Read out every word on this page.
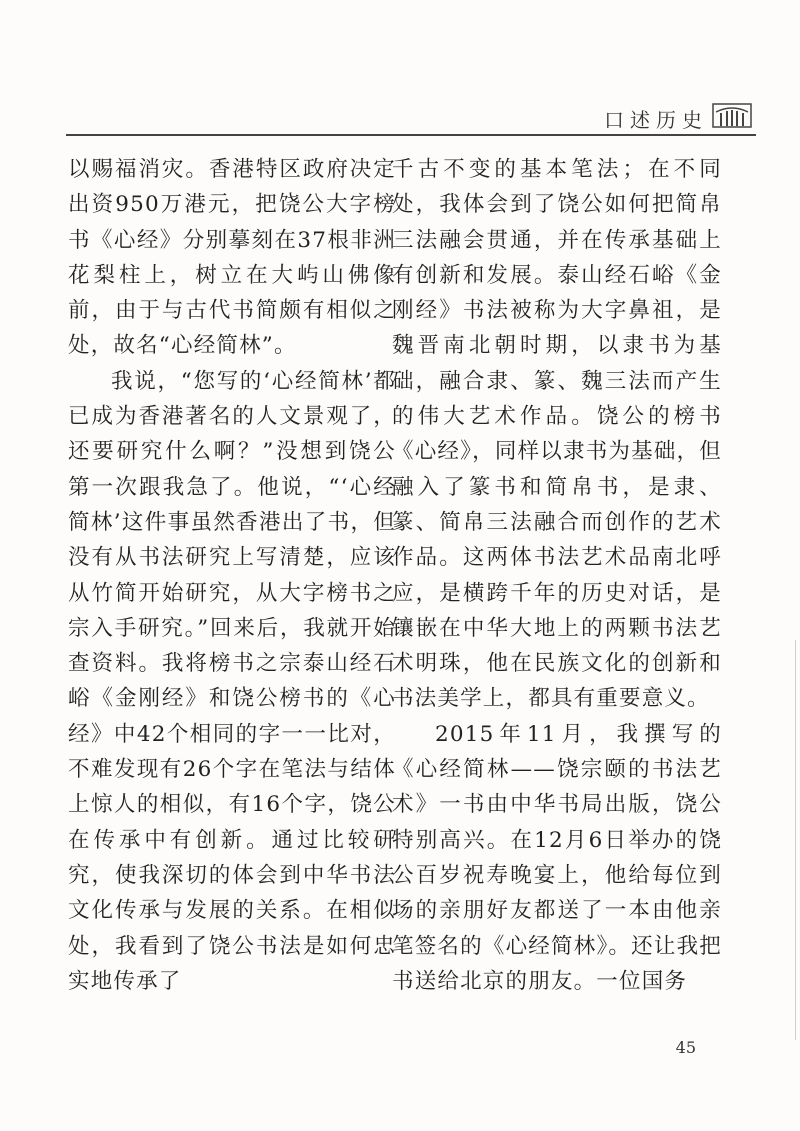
口述历史

以赐福消灾。香港特区政府决定出资950万港元，把饶公大字榜书《心经》分别摹刻在37根非洲花梨柱上，树立在大屿山佛像前，由于与古代书简颇有相似之处，故名“心经简林”。

我说，“您写的‘心经简林’都已成为香港著名的人文景观了，还要研究什么啊？”没想到饶公第一次跟我急了。他说，“‘心经简林’这件事虽然香港出了书，但没有从书法研究上写清楚，应该从竹简开始研究，从大字榜书之宗入手研究。”回来后，我就开始查资料。我将榜书之宗泰山经石峪《金刚经》和饶公榜书的《心经》中42个相同的字一一比对，不难发现有26个字在笔法与结体上惊人的相似，有16个字，饶公在传承中有创新。通过比较研究，使我深切的体会到中华书法文化传承与发展的关系。在相似处，我看到了饶公书法是如何忠实地传承了

千古不变的基本笔法；在不同处，我体会到了饶公如何把简帛三法融会贯通，并在传承基础上有创新和发展。泰山经石峪《金刚经》书法被称为大字鼻祖，是魏晋南北朝时期，以隶书为基础，融合隶、篆、魏三法而产生的伟大艺术作品。饶公的榜书《心经》，同样以隶书为基础，但融入了篆书和简帛书，是隶、篆、简帛三法融合而创作的艺术作品。这两体书法艺术品南北呼应，是横跨千年的历史对话，是镶嵌在中华大地上的两颗书法艺术明珠，他在民族文化的创新和书法美学上，都具有重要意义。

2015年11月，我撰写的《心经简林——饶宗颐的书法艺术》一书由中华书局出版，饶公特别高兴。在12月6日举办的饶公百岁祝寿晚宴上，他给每位到场的亲朋好友都送了一本由他亲笔签名的《心经简林》。还让我把书送给北京的朋友。一位国务

45
